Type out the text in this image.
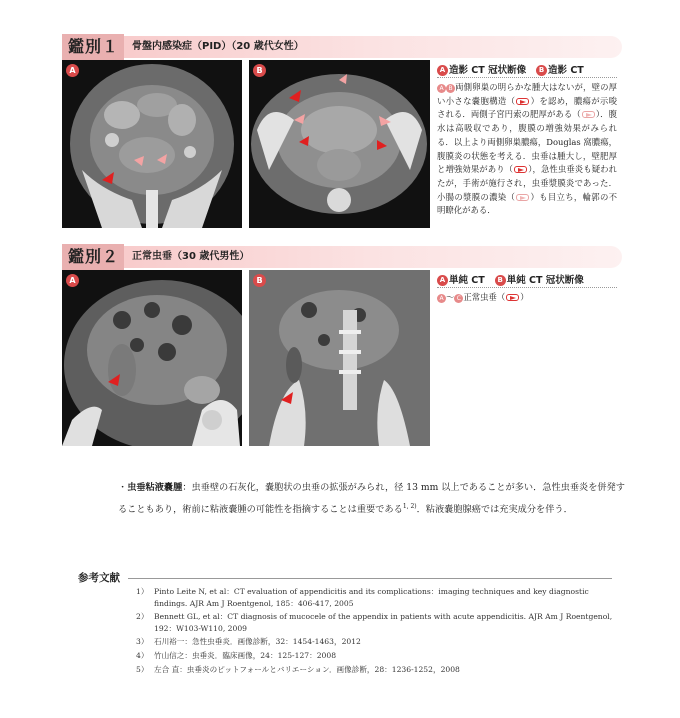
鑑別１	骨盤内感染症（PID）（20 歳代女性）
A	B	A 造影 CT 冠状断像 B 造影 CT
A B 両側卵巣の明らかな腫大はないが，壁の厚い小さな嚢胞構造（ ）を認め，膿瘍が示唆される．両側子宮円索の肥厚がある（ ）．腹水は高吸収であり，腹膜の増強効果がみられる．以上より両側卵巣膿瘍，Douglas 窩膿瘍，腹膜炎の状態を考える．虫垂は腫大し，壁肥厚と増強効果があり（ ），急性虫垂炎も疑われたが，手術が施行され，虫垂漿膜炎であった．小腸の漿膜の濃染（ ）も目立ち，輪郭の不明瞭化がある．
鑑別２	正常虫垂（30 歳代男性）
A	B	A 単純 CT B 単純 CT 冠状断像
A ～ C 正常虫垂（ ）
・虫垂粘液嚢腫：虫垂壁の石灰化，嚢胞状の虫垂の拡張がみられ，径 13 mm 以上であることが多い．急性虫垂炎を併発することもあり，術前に粘液嚢腫の可能性を指摘することは重要である$^{1, 2)}$．粘液嚢胞腺癌では充実成分を伴う．
参考文献
1） Pinto Leite N, et al：CT evaluation of appendicitis and its complications：imaging techniques and key diagnostic findings. AJR Am J Roentgenol, 185：406-417, 2005
2） Bennett GL, et al：CT diagnosis of mucocele of the appendix in patients with acute appendicitis. AJR Am J Roentgenol, 192：W103-W110, 2009
3） 石川裕一：急性虫垂炎．画像診断，32：1454-1463，2012
4） 竹山信之：虫垂炎．臨床画像，24：125-127：2008
5） 左合 直：虫垂炎のピットフォールとバリエーション．画像診断，28：1236-1252，2008
